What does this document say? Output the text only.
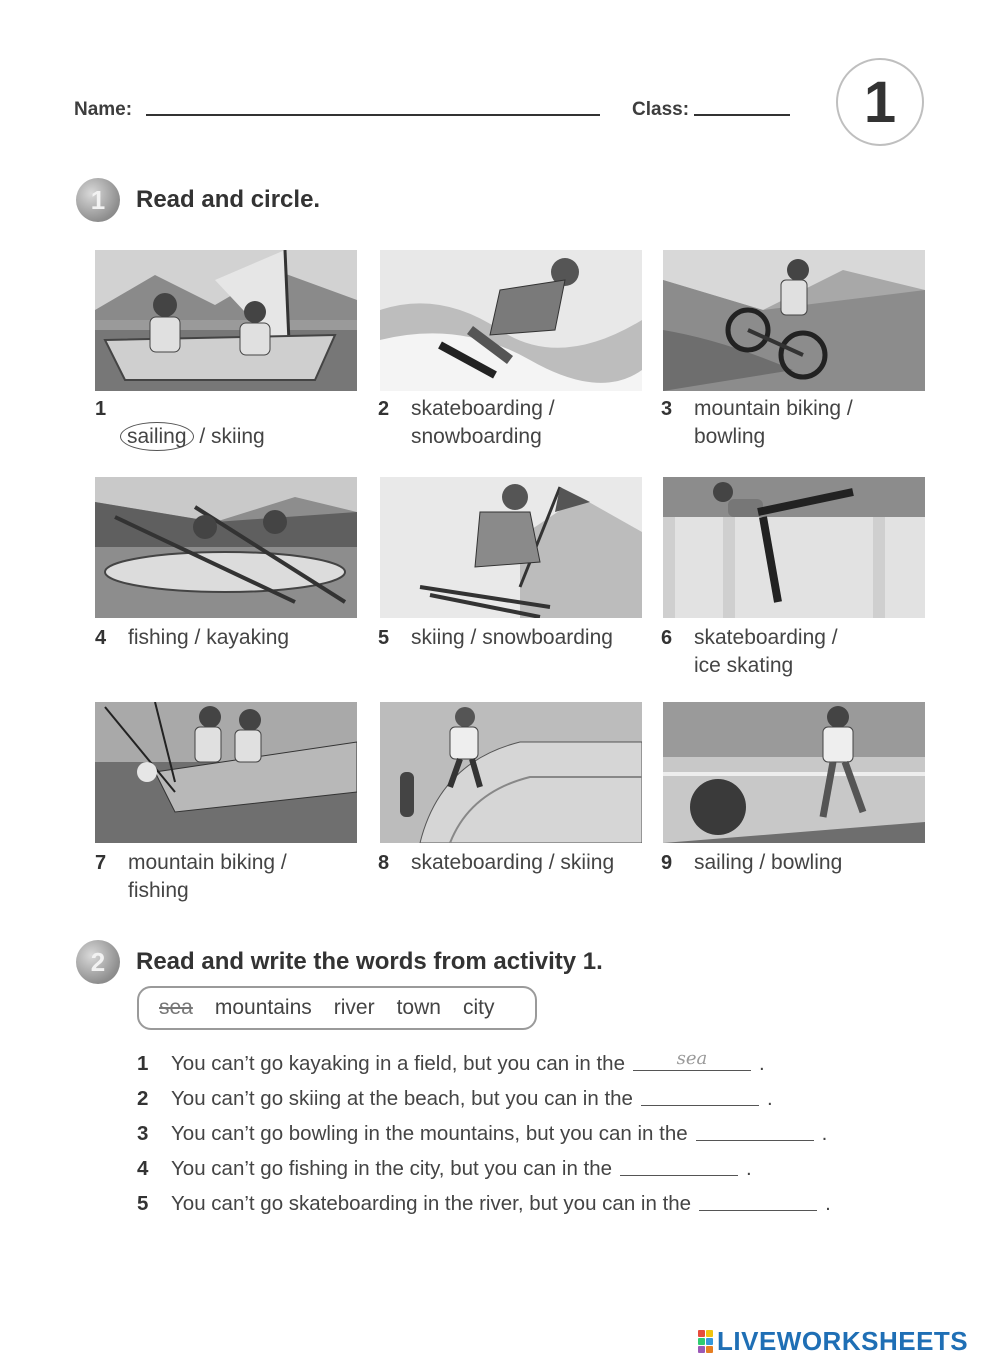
Name:	Class:	1
1	Read and circle.
1

sailing / skiing

2	skateboarding /
snowboarding
3	mountain biking /
bowling
4	fishing / kayaking	5	skiing / snowboarding 6	skateboarding /
ice skating
7	mountain biking /
fishing
8	skateboarding / skiing 9	sailing / bowling
2	Read and write the words from activity 1.
sea mountains river town city
1	You can’t go kayaking in a field, but you can in the	sea	.
2	You can’t go skiing at the beach, but you can in the	.
3	You can’t go bowling in the mountains, but you can in the	.
4	You can’t go fishing in the city, but you can in the	.
5	You can’t go skateboarding in the river, but you can in the	.
LIVEWORKSHEETS
